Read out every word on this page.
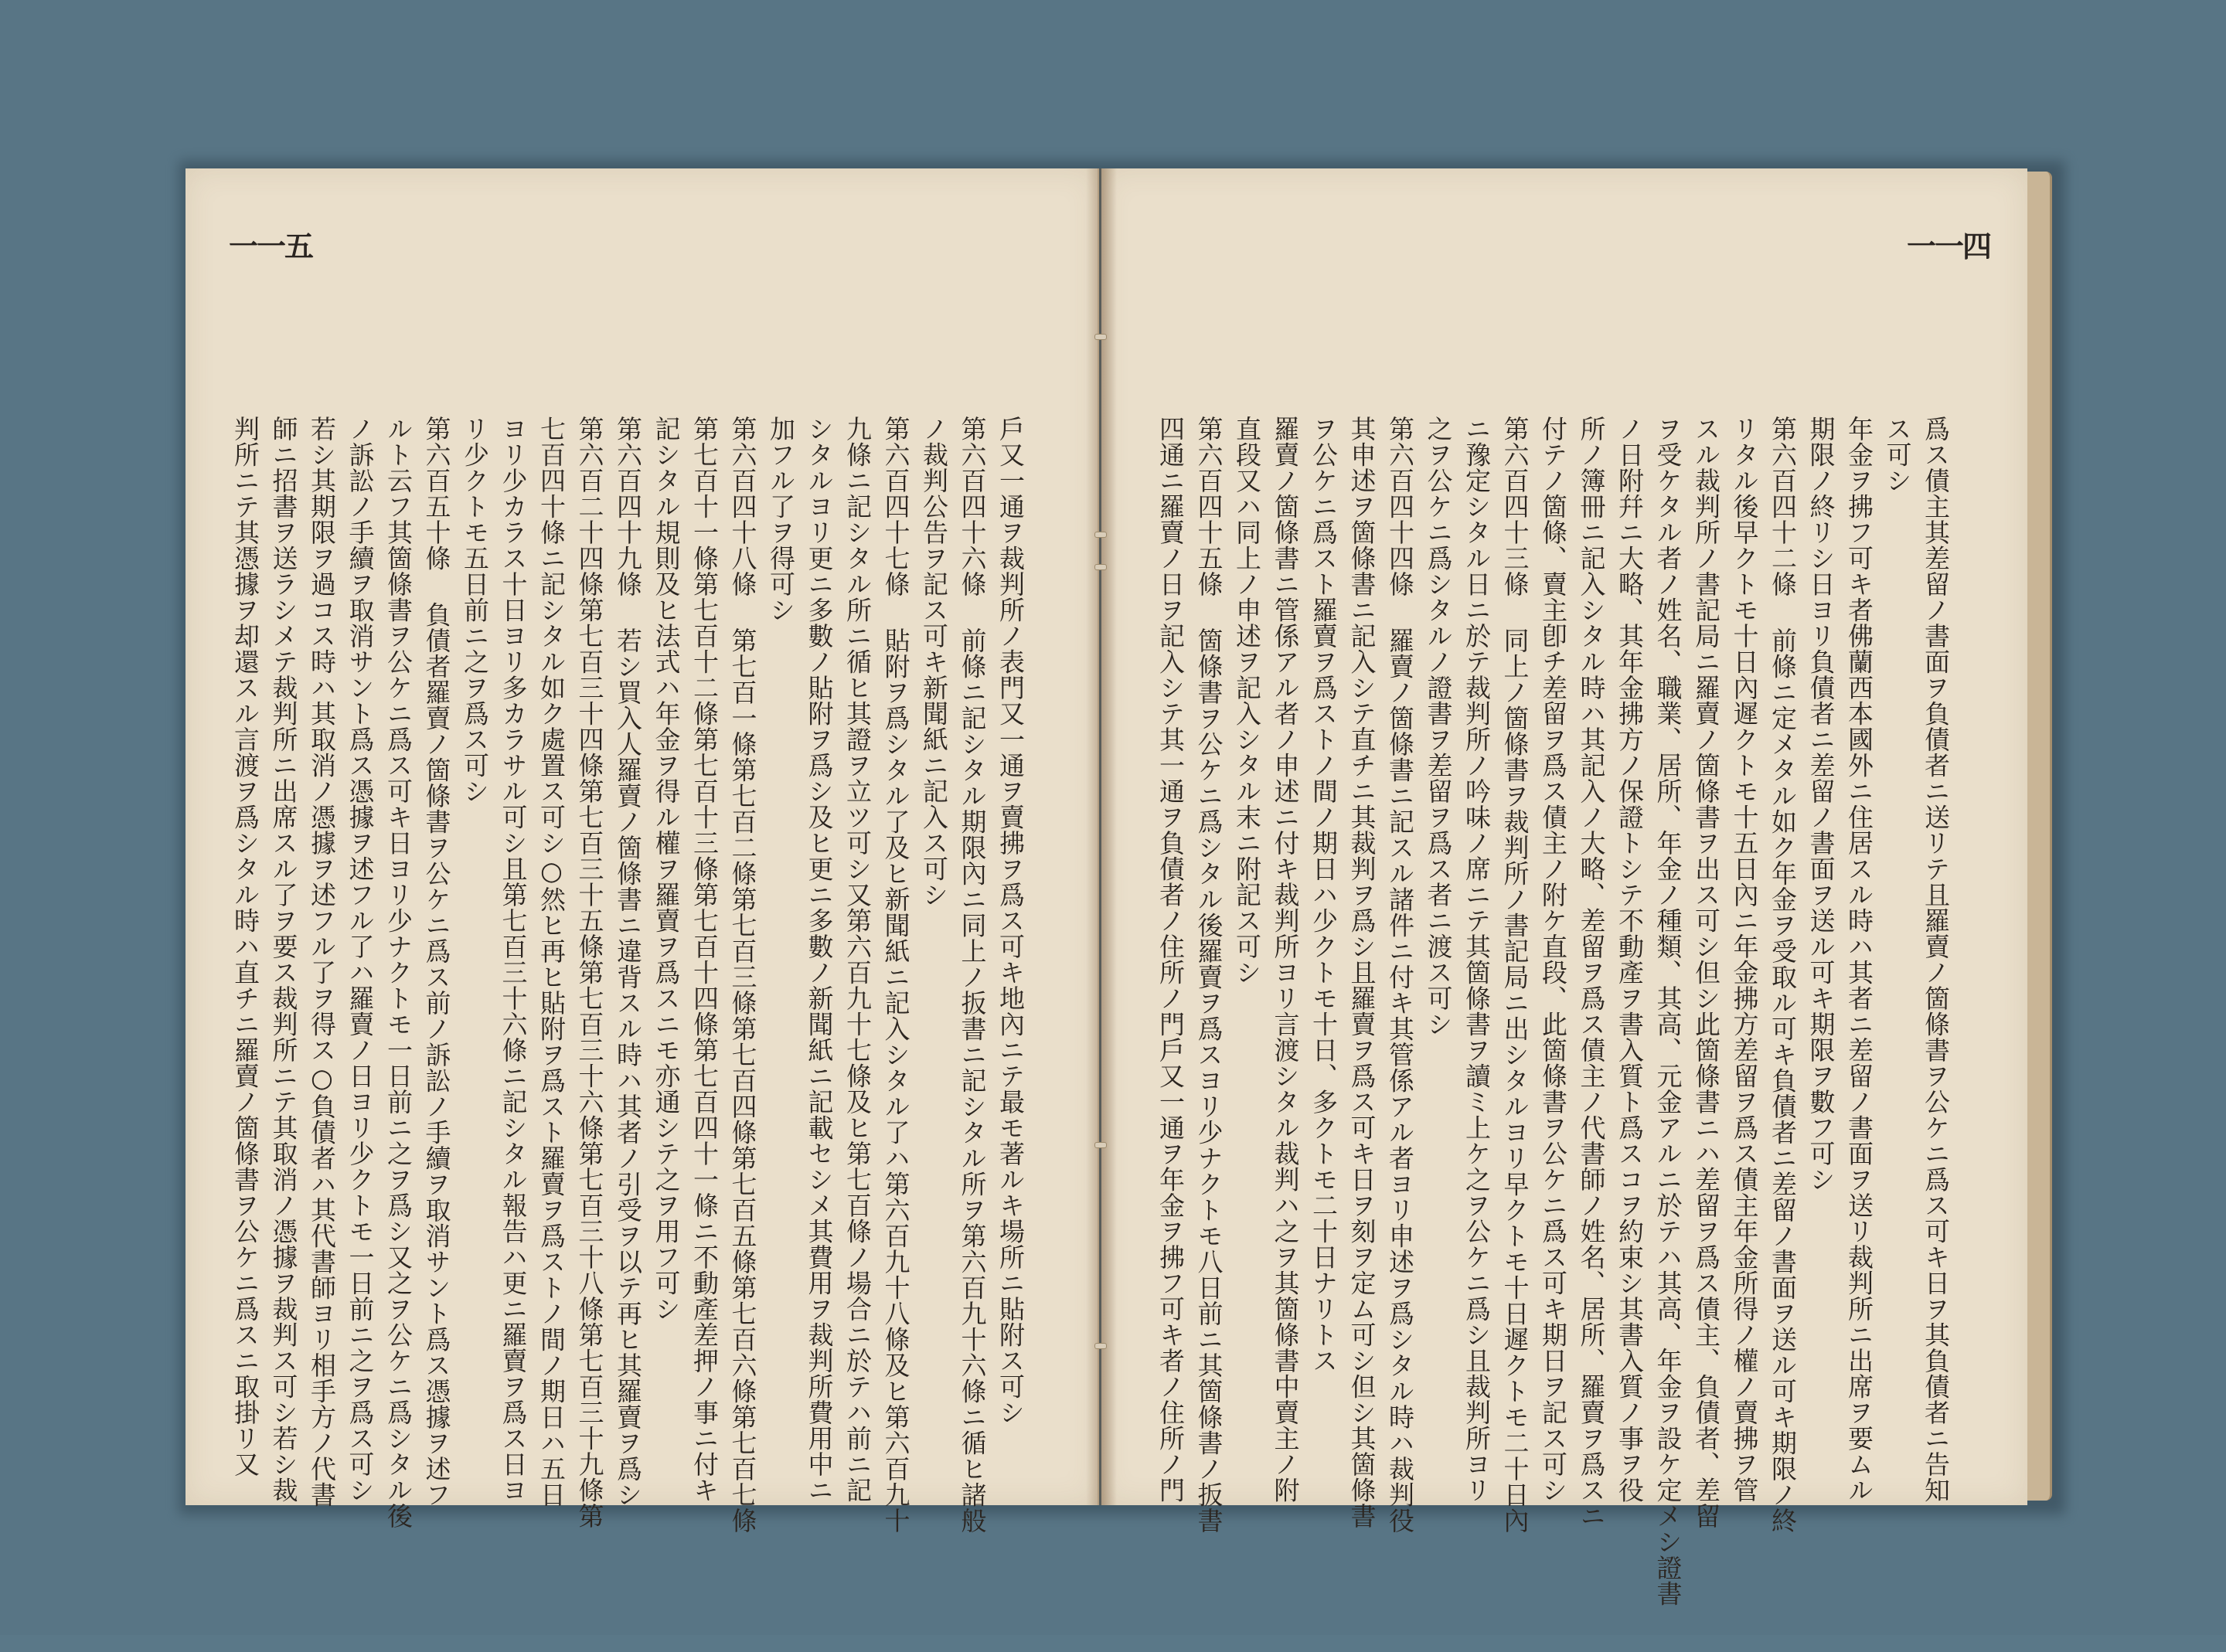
一一五
戶又一通ヲ裁判所ノ表門又一通ヲ賣拂ヲ爲ス可キ地內ニテ最モ著ルキ場所ニ貼附ス可シ
第六百四十六條 前條ニ記シタル期限內ニ同上ノ扳書ニ記シタル所ヲ第六百九十六條ニ循ヒ諸般
ノ裁判公告ヲ記ス可キ新聞紙ニ記入ス可シ
第六百四十七條 貼附ヲ爲シタル了及ヒ新聞紙ニ記入シタル了ハ第六百九十八條及ヒ第六百九十
九條ニ記シタル所ニ循ヒ其證ヲ立ツ可シ又第六百九十七條及ヒ第七百條ノ場合ニ於テハ前ニ記
シタルヨリ更ニ多數ノ貼附ヲ爲シ及ヒ更ニ多數ノ新聞紙ニ記載セシメ其費用ヲ裁判所費用中ニ
加フル了ヲ得可シ
第六百四十八條 第七百一條第七百二條第七百三條第七百四條第七百五條第七百六條第七百七條
第七百十一條第七百十二條第七百十三條第七百十四條第七百四十一條ニ不動產差押ノ事ニ付キ
記シタル規則及ヒ法式ハ年金ヲ得ル權ヲ羅賣ヲ爲スニモ亦通シテ之ヲ用フ可シ
第六百四十九條 若シ買入人羅賣ノ箇條書ニ違背スル時ハ其者ノ引受ヲ以テ再ヒ其羅賣ヲ爲シ
第六百二十四條第七百三十四條第七百三十五條第七百三十六條第七百三十八條第七百三十九條第
七百四十條ニ記シタル如ク處置ス可シ○然ヒ再ヒ貼附ヲ爲スト羅賣ヲ爲ストノ間ノ期日ハ五日
ヨリ少カラス十日ヨリ多カラサル可シ且第七百三十六條ニ記シタル報告ハ更ニ羅賣ヲ爲ス日ヨ
リ少クトモ五日前ニ之ヲ爲ス可シ
第六百五十條 負債者羅賣ノ箇條書ヲ公ケニ爲ス前ノ訴訟ノ手續ヲ取消サント爲ス憑據ヲ述フ
ルト云フ其箇條書ヲ公ケニ爲ス可キ日ヨリ少ナクトモ一日前ニ之ヲ爲シ又之ヲ公ケニ爲シタル後
ノ訴訟ノ手續ヲ取消サント爲ス憑據ヲ述フル了ハ羅賣ノ日ヨリ少クトモ一日前ニ之ヲ爲ス可シ
若シ其期限ヲ過コス時ハ其取消ノ憑據ヲ述フル了ヲ得ス○負債者ハ其代書師ヨリ相手方ノ代書
師ニ招書ヲ送ラシメテ裁判所ニ出席スル了ヲ要ス裁判所ニテ其取消ノ憑據ヲ裁判ス可シ若シ裁
判所ニテ其憑據ヲ却還スル言渡ヲ爲シタル時ハ直チニ羅賣ノ箇條書ヲ公ケニ爲スニ取掛リ又
一一四
爲ス債主其差留ノ書面ヲ負債者ニ送リテ且羅賣ノ箇條書ヲ公ケニ爲ス可キ日ヲ其負債者ニ告知
ス可シ
年金ヲ拂フ可キ者佛蘭西本國外ニ住居スル時ハ其者ニ差留ノ書面ヲ送リ裁判所ニ出席ヲ要ムル
期限ノ終リシ日ヨリ負債者ニ差留ノ書面ヲ送ル可キ期限ヲ數フ可シ
第六百四十二條 前條ニ定メタル如ク年金ヲ受取ル可キ負債者ニ差留ノ書面ヲ送ル可キ期限ノ終
リタル後早クトモ十日內遲クトモ十五日內ニ年金拂方差留ヲ爲ス債主年金所得ノ權ノ賣拂ヲ管
スル裁判所ノ書記局ニ羅賣ノ箇條書ヲ出ス可シ但シ此箇條書ニハ差留ヲ爲ス債主、負債者、差留
ヲ受ケタル者ノ姓名、職業、居所、年金ノ種類、其高、元金アルニ於テハ其高、年金ヲ設ケ定メシ證書
ノ日附幷ニ大略、其年金拂方ノ保證トシテ不動產ヲ書入質ト爲スコヲ約束シ其書入質ノ事ヲ役
所ノ簿冊ニ記入シタル時ハ其記入ノ大略、差留ヲ爲ス債主ノ代書師ノ姓名、居所、羅賣ヲ爲スニ
付テノ箇條、賣主卽チ差留ヲ爲ス債主ノ附ケ直段、此箇條書ヲ公ケニ爲ス可キ期日ヲ記ス可シ
第六百四十三條 同上ノ箇條書ヲ裁判所ノ書記局ニ出シタルヨリ早クトモ十日遲クトモ二十日內
ニ豫定シタル日ニ於テ裁判所ノ吟味ノ席ニテ其箇條書ヲ讀ミ上ケ之ヲ公ケニ爲シ且裁判所ヨリ
之ヲ公ケニ爲シタルノ證書ヲ差留ヲ爲ス者ニ渡ス可シ
第六百四十四條 羅賣ノ箇條書ニ記スル諸件ニ付キ其管係アル者ヨリ申述ヲ爲シタル時ハ裁判役
其申述ヲ箇條書ニ記入シテ直チニ其裁判ヲ爲シ且羅賣ヲ爲ス可キ日ヲ刻ヲ定ム可シ但シ其箇條書
ヲ公ケニ爲スト羅賣ヲ爲ストノ間ノ期日ハ少クトモ十日、多クトモ二十日ナリトス
羅賣ノ箇條書ニ管係アル者ノ申述ニ付キ裁判所ヨリ言渡シタル裁判ハ之ヲ其箇條書中賣主ノ附
直段又ハ同上ノ申述ヲ記入シタル末ニ附記ス可シ
第六百四十五條 箇條書ヲ公ケニ爲シタル後羅賣ヲ爲スヨリ少ナクトモ八日前ニ其箇條書ノ扳書
四通ニ羅賣ノ日ヲ記入シテ其一通ヲ負債者ノ住所ノ門戶又一通ヲ年金ヲ拂フ可キ者ノ住所ノ門
